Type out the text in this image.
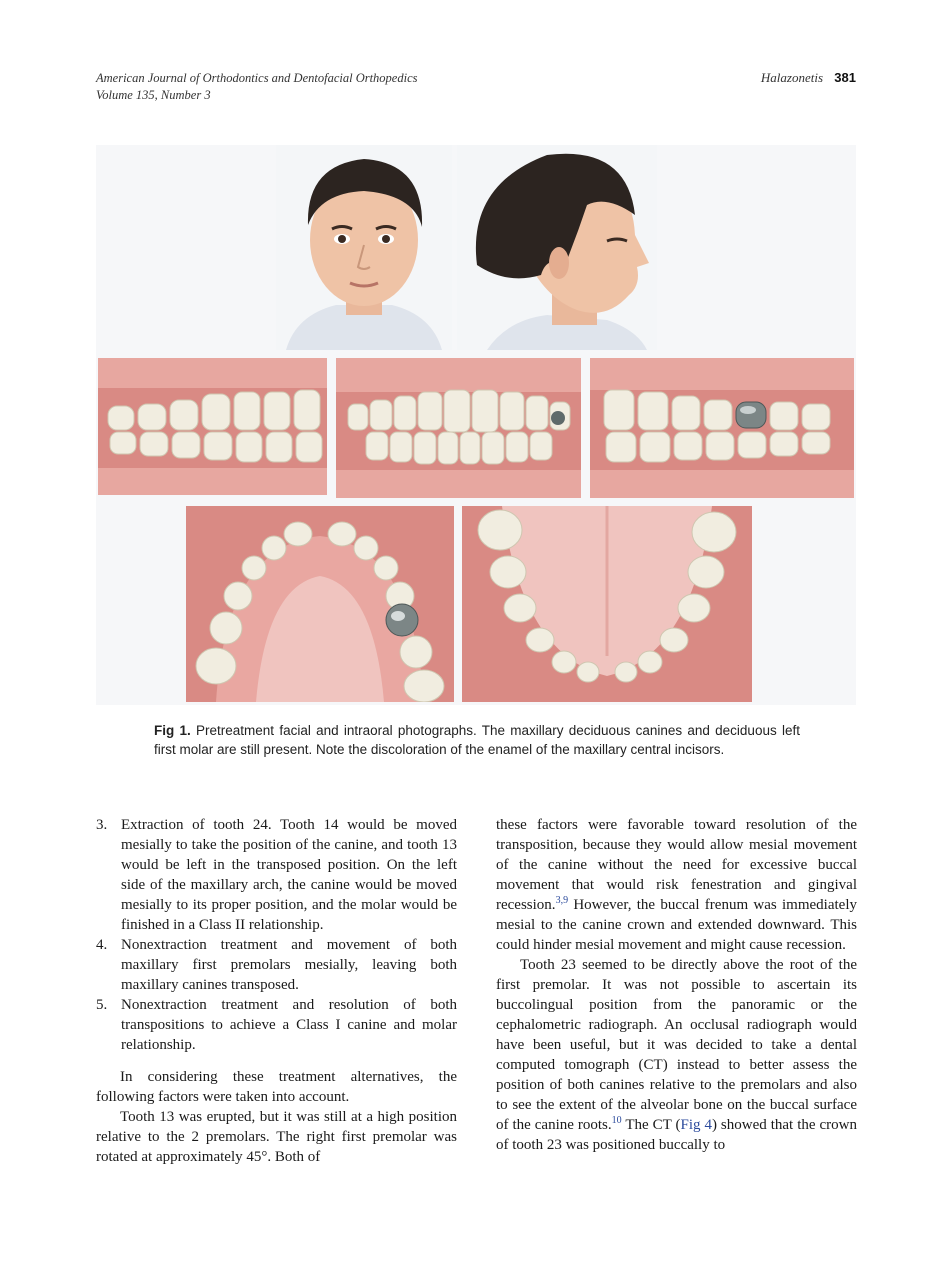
American Journal of Orthodontics and Dentofacial Orthopedics
Volume 135, Number 3
Halazonetis 381
Fig 1. Pretreatment facial and intraoral photographs. The maxillary deciduous canines and deciduous left first molar are still present. Note the discoloration of the enamel of the maxillary central incisors.
3. Extraction of tooth 24. Tooth 14 would be moved mesially to take the position of the canine, and tooth 13 would be left in the transposed position. On the left side of the maxillary arch, the canine would be moved mesially to its proper position, and the molar would be finished in a Class II relationship.
4. Nonextraction treatment and movement of both maxillary first premolars mesially, leaving both maxillary canines transposed.
5. Nonextraction treatment and resolution of both transpositions to achieve a Class I canine and molar relationship.

In considering these treatment alternatives, the following factors were taken into account.

Tooth 13 was erupted, but it was still at a high position relative to the 2 premolars. The right first premolar was rotated at approximately 45°. Both of

these factors were favorable toward resolution of the transposition, because they would allow mesial movement of the canine without the need for excessive buccal movement that would risk fenestration and gingival recession.$^{3,9}$ However, the buccal frenum was immediately mesial to the canine crown and extended downward. This could hinder mesial movement and might cause recession.

Tooth 23 seemed to be directly above the root of the first premolar. It was not possible to ascertain its buccolingual position from the panoramic or the cephalometric radiograph. An occlusal radiograph would have been useful, but it was decided to take a dental computed tomograph (CT) instead to better assess the position of both canines relative to the premolars and also to see the extent of the alveolar bone on the buccal surface of the canine roots.$^{10}$ The CT (Fig 4) showed that the crown of tooth 23 was positioned buccally to
